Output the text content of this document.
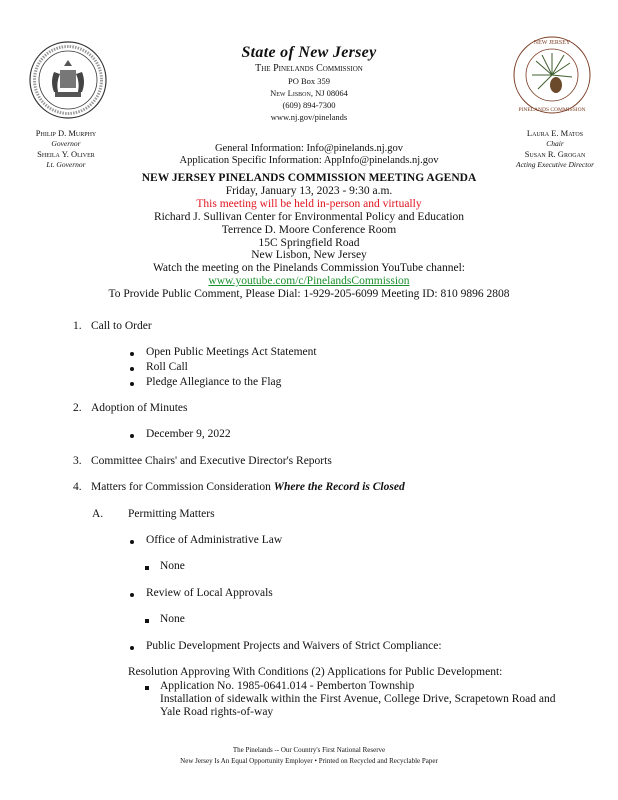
NEW JERSEY
PINELANDS COMMISSION
State of New Jersey
The Pinelands Commission
PO Box 359
New Lisbon, NJ 08064
(609) 894-7300
www.nj.gov/pinelands
Philip D. Murphy
Governor
Sheila Y. Oliver
Lt. Governor
Laura E. Matos
Chair
Susan R. Grogan
Acting Executive Director
General Information: Info@pinelands.nj.gov
Application Specific Information: AppInfo@pinelands.nj.gov
NEW JERSEY PINELANDS COMMISSION MEETING AGENDA
Friday, January 13, 2023 - 9:30 a.m.
This meeting will be held in-person and virtually
Richard J. Sullivan Center for Environmental Policy and Education
Terrence D. Moore Conference Room
15C Springfield Road
New Lisbon, New Jersey
Watch the meeting on the Pinelands Commission YouTube channel:
www.youtube.com/c/PinelandsCommission
To Provide Public Comment, Please Dial: 1-929-205-6099 Meeting ID: 810 9896 2808
1. Call to Order
Open Public Meetings Act Statement
Roll Call
Pledge Allegiance to the Flag
2. Adoption of Minutes
December 9, 2022
3. Committee Chairs' and Executive Director's Reports
4. Matters for Commission Consideration Where the Record is Closed
A. Permitting Matters
Office of Administrative Law
None
Review of Local Approvals
None
Public Development Projects and Waivers of Strict Compliance:
Resolution Approving With Conditions (2) Applications for Public Development:
Application No. 1985-0641.014 - Pemberton Township
Installation of sidewalk within the First Avenue, College Drive, Scrapetown Road and
Yale Road rights-of-way
The Pinelands -- Our Country's First National Reserve
New Jersey Is An Equal Opportunity Employer • Printed on Recycled and Recyclable Paper
